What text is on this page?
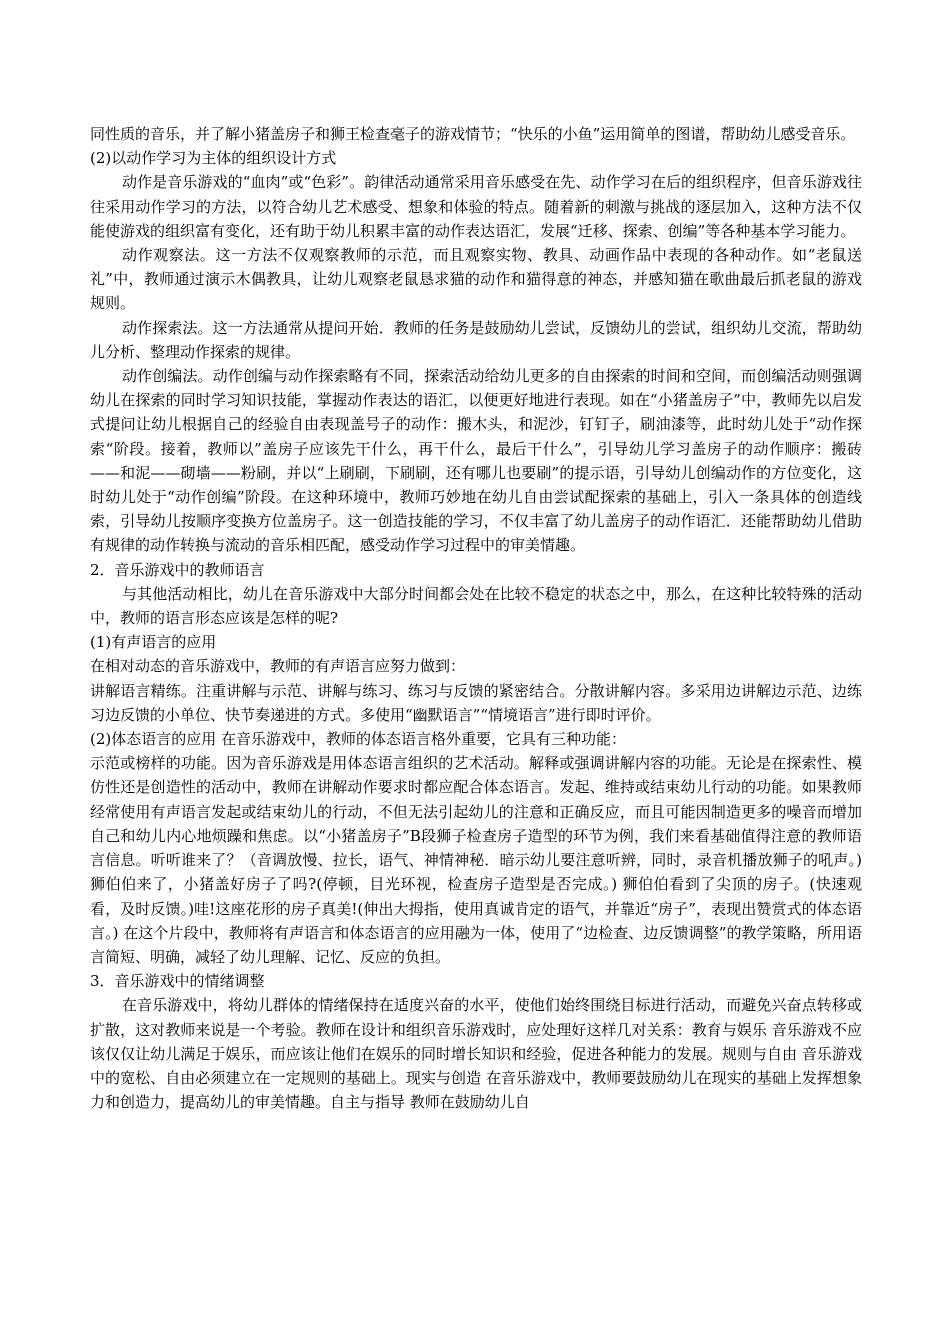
同性质的音乐，并了解小猪盖房子和狮王检查毫子的游戏情节；“快乐的小鱼”运用简单的图谱，帮助幼儿感受音乐。

(2)以动作学习为主体的组织设计方式

动作是音乐游戏的“血肉”或“色彩”。韵律活动通常采用音乐感受在先、动作学习在后的组织程序，但音乐游戏往往采用动作学习的方法，以符合幼儿艺术感受、想象和体验的特点。随着新的刺激与挑战的逐层加入，这种方法不仅能使游戏的组织富有变化，还有助于幼儿积累丰富的动作表达语汇，发展“迁移、探索、创编”等各种基本学习能力。

动作观察法。这一方法不仅观察教师的示范，而且观察实物、教具、动画作品中表现的各种动作。如“老鼠送礼”中，教师通过演示木偶教具，让幼儿观察老鼠恳求猫的动作和猫得意的神态，并感知猫在歌曲最后抓老鼠的游戏规则。

动作探索法。这一方法通常从提问开始．教师的任务是鼓励幼儿尝试，反馈幼儿的尝试，组织幼儿交流，帮助幼儿分析、整理动作探索的规律。

动作创编法。动作创编与动作探索略有不同，探索活动给幼儿更多的自由探索的时间和空间，而创编活动则强调幼儿在探索的同时学习知识技能，掌握动作表达的语汇，以便更好地进行表现。如在“小猪盖房子”中，教师先以启发式提问让幼儿根据自己的经验自由表现盖号子的动作：搬木头，和泥沙，钉钉子，刷油漆等，此时幼儿处于“动作探索“阶段。接着，教师以”盖房子应该先干什么，再干什么，最后干什么”，引导幼儿学习盖房子的动作顺序：搬砖——和泥——砌墙——粉刷，并以“上刷刷，下刷刷，还有哪儿也要刷”的提示语，引导幼儿创编动作的方位变化，这时幼儿处于“动作创编”阶段。在这种环境中，教师巧妙地在幼儿自由尝试配探索的基础上，引入一条具体的创造线索，引导幼儿按顺序变换方位盖房子。这一创造技能的学习，不仅丰富了幼儿盖房子的动作语汇．还能帮助幼儿借助有规律的动作转换与流动的音乐相匹配，感受动作学习过程中的审美情趣。

2．音乐游戏中的教师语言

与其他活动相比，幼儿在音乐游戏中大部分时间都会处在比较不稳定的状态之中，那么，在这种比较特殊的活动中，教师的语言形态应该是怎样的呢?

(1)有声语言的应用

在相对动态的音乐游戏中，教师的有声语言应努力做到：

讲解语言精练。注重讲解与示范、讲解与练习、练习与反馈的紧密结合。分散讲解内容。多采用边讲解边示范、边练习边反馈的小单位、快节奏递进的方式。多使用“幽默语言”“情境语言”进行即时评价。

(2)体态语言的应用 在音乐游戏中，教师的体态语言格外重要，它具有三种功能：

示范或榜样的功能。因为音乐游戏是用体态语言组织的艺术活动。解释或强调讲解内容的功能。无论是在探索性、模仿性还是创造性的活动中，教师在讲解动作要求时都应配合体态语言。发起、维持或结束幼儿行动的功能。如果教师经常使用有声语言发起或结束幼儿的行动，不但无法引起幼儿的注意和正确反应，而且可能因制造更多的噪音而增加自己和幼儿内心地烦躁和焦虑。以“小猪盖房子”B段狮子检查房子造型的环节为例，我们来看基础值得注意的教师语言信息。听听谁来了？（音调放慢、拉长，语气、神情神秘．暗示幼儿要注意听辨，同时，录音机播放狮子的吼声。) 狮伯伯来了，小猪盖好房子了吗?(停顿，目光环视，检查房子造型是否完成。) 狮伯伯看到了尖顶的房子。(快速观看，及时反馈。)哇!这座花形的房子真美!(伸出大拇指，使用真诚肯定的语气，并靠近“房子”，表现出赞赏式的体态语言。) 在这个片段中，教师将有声语言和体态语言的应用融为一体，使用了“边检查、边反馈调整”的教学策略，所用语言简短、明确，减轻了幼儿理解、记忆、反应的负担。

3．音乐游戏中的情绪调整

在音乐游戏中，将幼儿群体的情绪保持在适度兴奋的水平，使他们始终围绕目标进行活动，而避免兴奋点转移或扩散，这对教师来说是一个考验。教师在设计和组织音乐游戏时，应处理好这样几对关系：教育与娱乐 音乐游戏不应该仅仅让幼儿满足于娱乐，而应该让他们在娱乐的同时增长知识和经验，促进各种能力的发展。规则与自由 音乐游戏中的宽松、自由必须建立在一定规则的基础上。现实与创造 在音乐游戏中，教师要鼓励幼儿在现实的基础上发挥想象力和创造力，提高幼儿的审美情趣。自主与指导 教师在鼓励幼儿自
